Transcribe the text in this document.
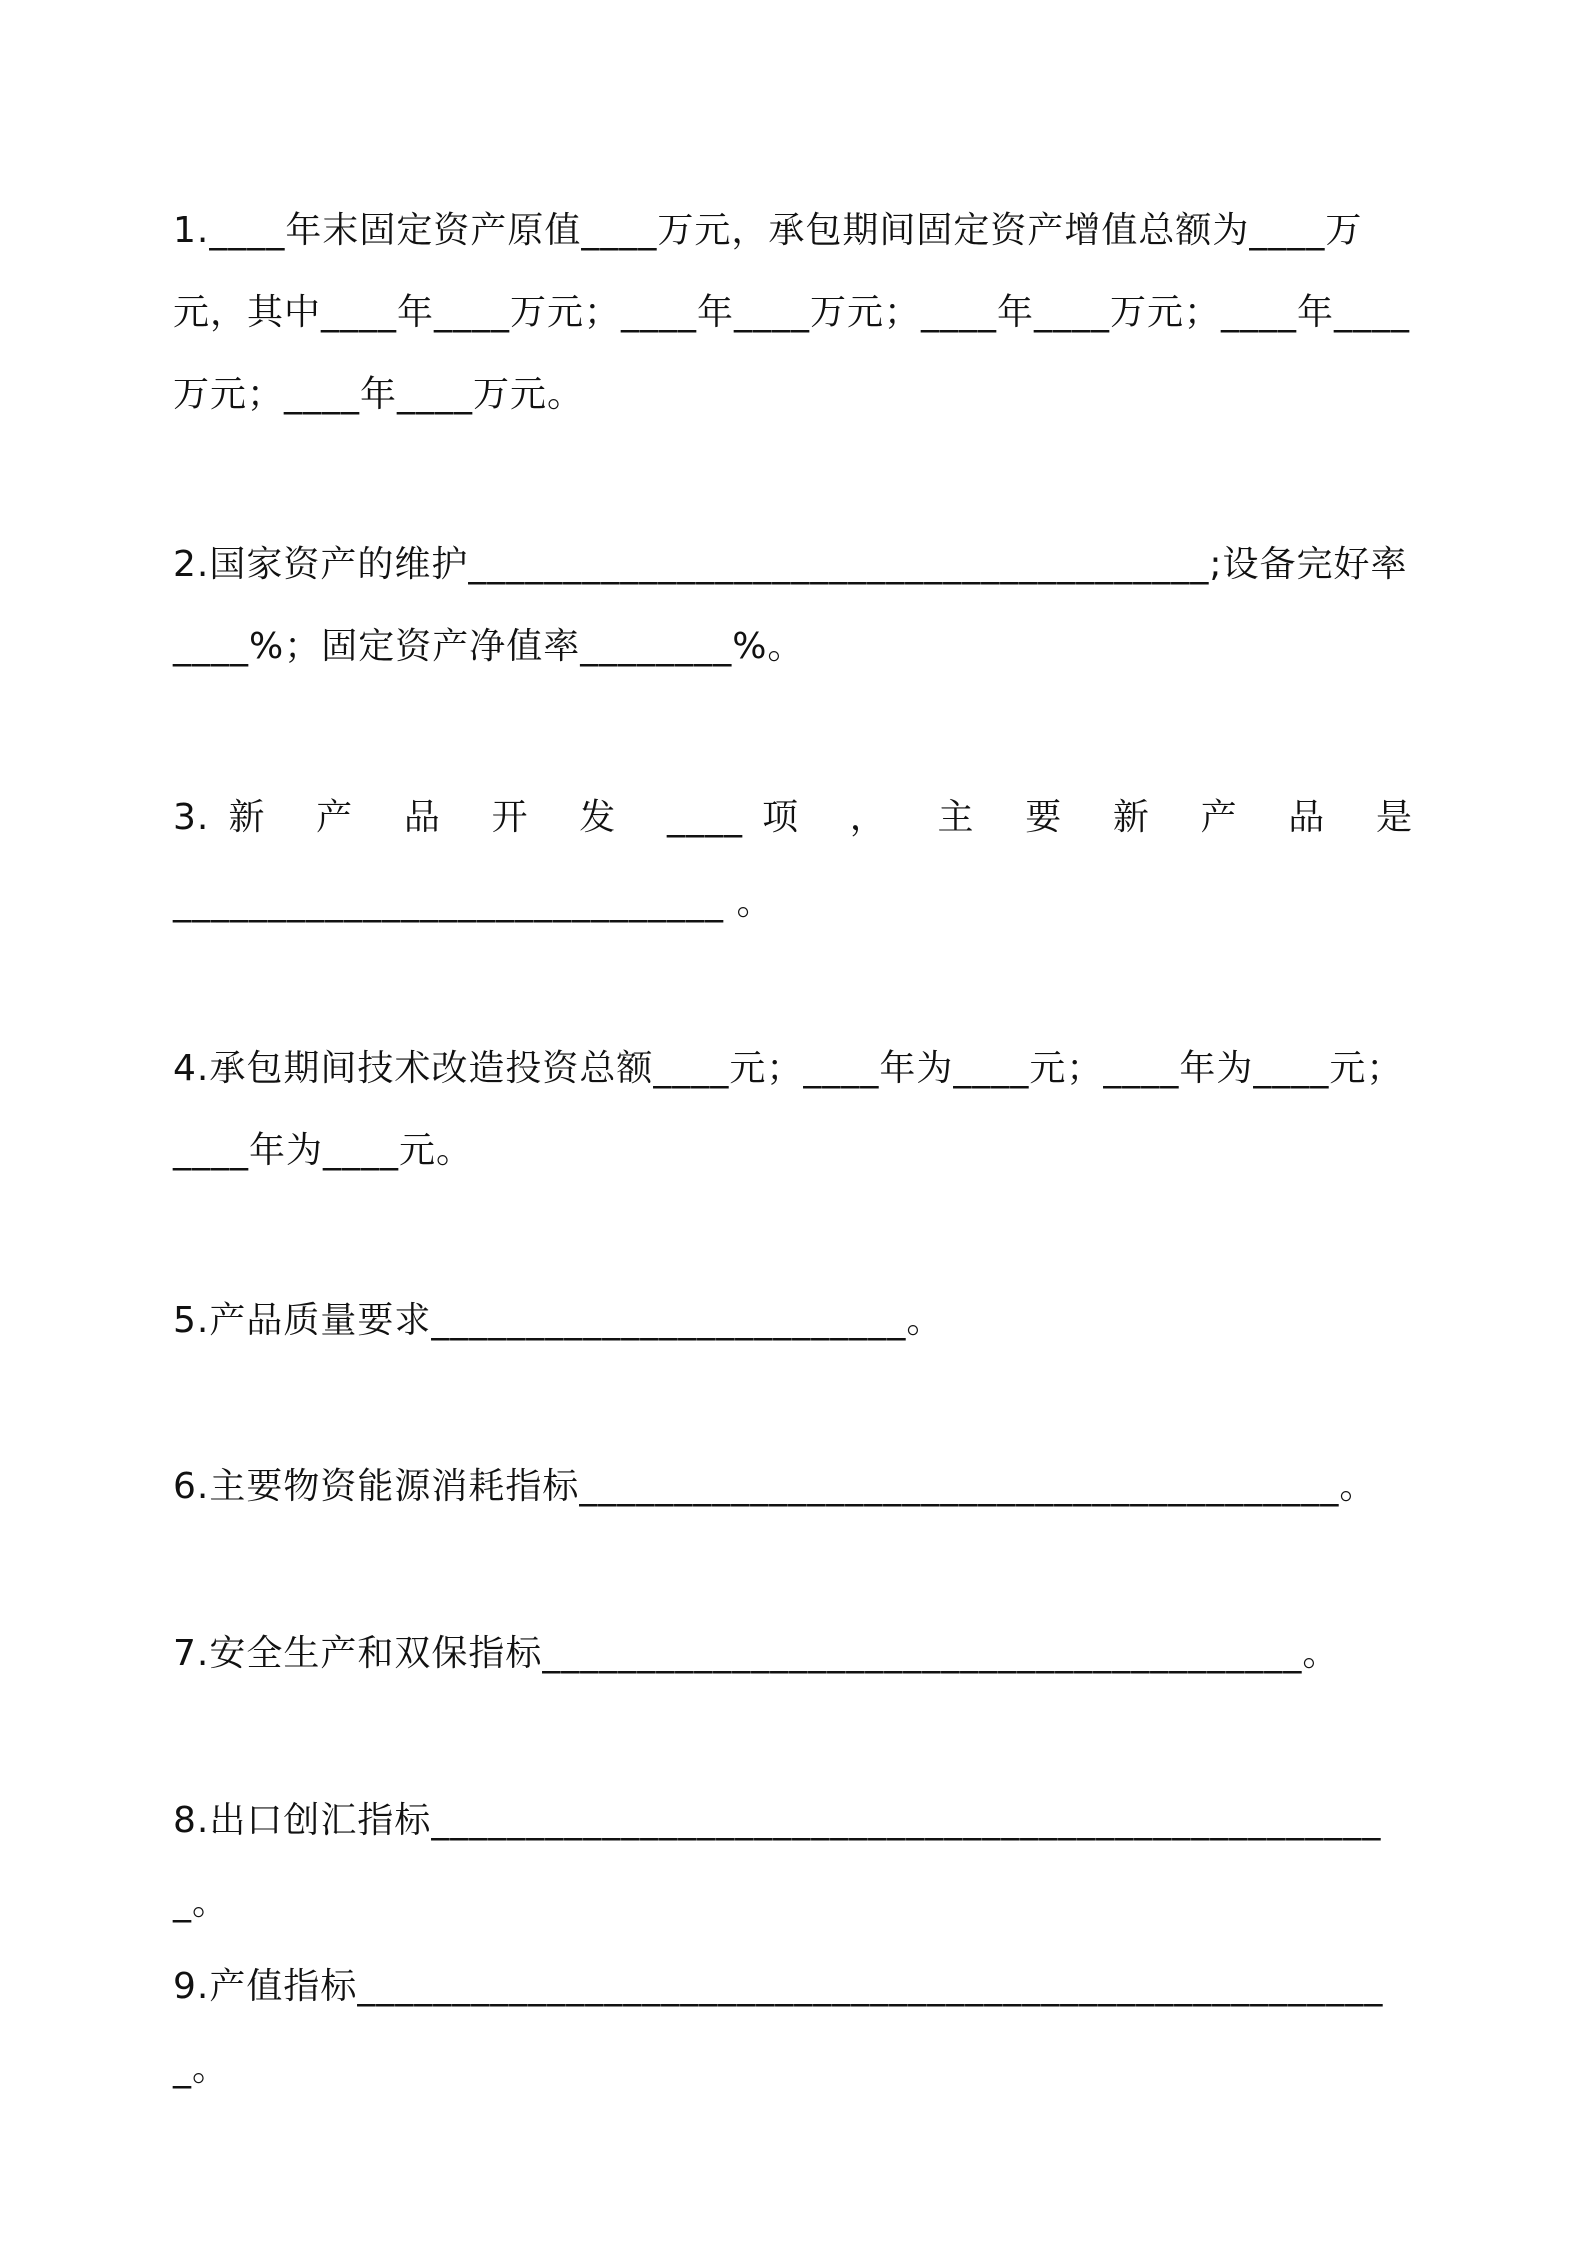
1.____年末固定资产原值____万元，承包期间固定资产增值总额为____万元，其中____年____万元；____年____万元；____年____万元；____年____万元；____年____万元。
2.国家资产的维护_______________________________________;设备完好率____%；固定资产净值率________%。
3.新 产 品 开 发 ____项 ， 主 要 新 产 品 是
_____________________________ 。
4.承包期间技术改造投资总额____元；____年为____元；____年为____元；____年为____元。
5.产品质量要求_________________________。
6.主要物资能源消耗指标________________________________________。
7.安全生产和双保指标________________________________________。
8.出口创汇指标___________________________________________________。
9.产值指标_______________________________________________________。
